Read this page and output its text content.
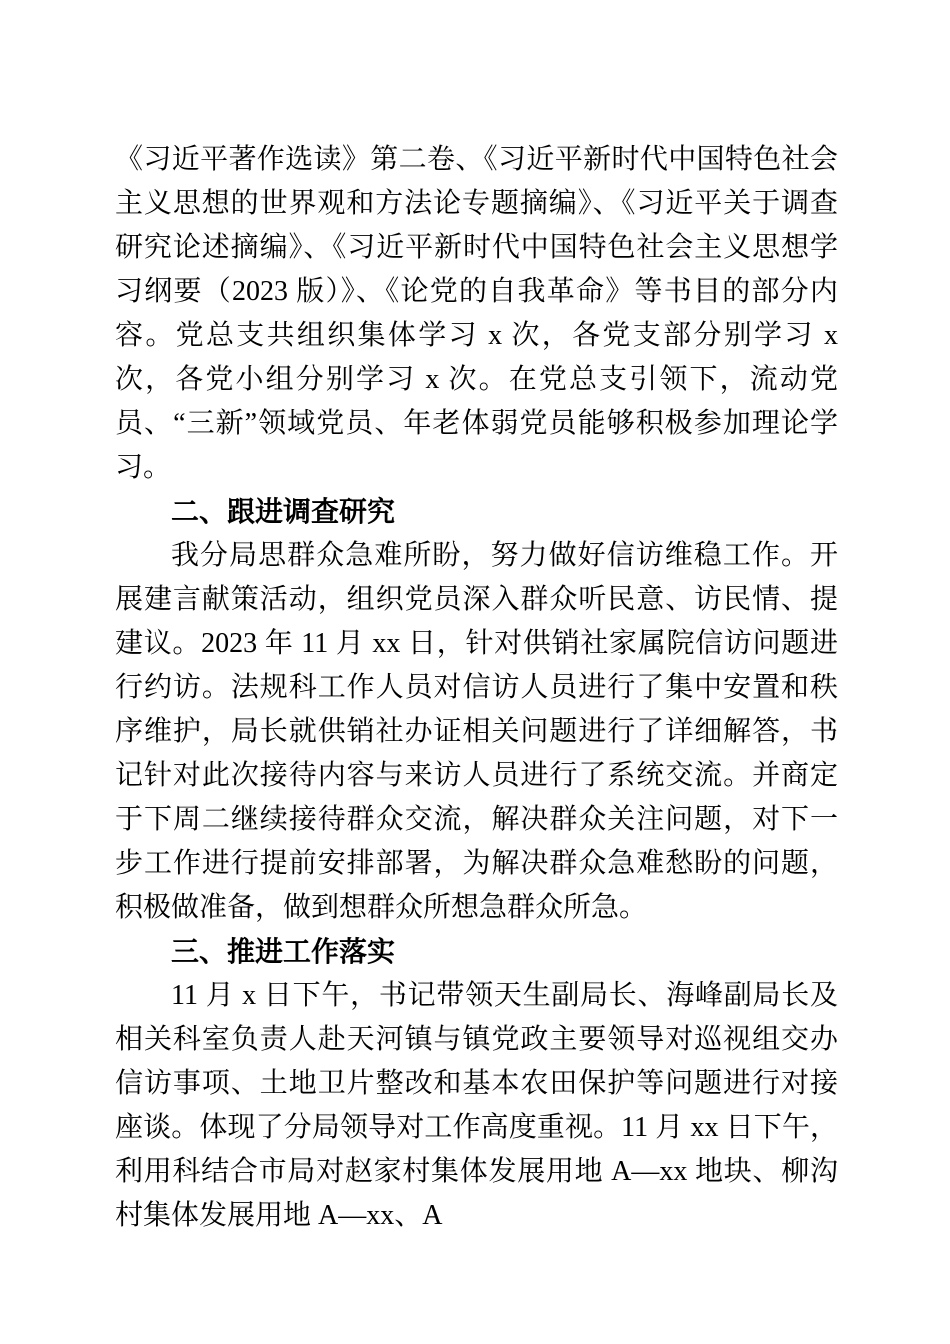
《习近平著作选读》第二卷、《习近平新时代中国特色社会主义思想的世界观和方法论专题摘编》、《习近平关于调查研究论述摘编》、《习近平新时代中国特色社会主义思想学习纲要（2023 版）》、《论党的自我革命》等书目的部分内容。党总支共组织集体学习 x 次，各党支部分别学习 x 次，各党小组分别学习 x 次。在党总支引领下，流动党员、“三新”领域党员、年老体弱党员能够积极参加理论学习。

二、跟进调查研究

我分局思群众急难所盼，努力做好信访维稳工作。开展建言献策活动，组织党员深入群众听民意、访民情、提建议。2023 年 11 月 xx 日，针对供销社家属院信访问题进行约访。法规科工作人员对信访人员进行了集中安置和秩序维护，局长就供销社办证相关问题进行了详细解答，书记针对此次接待内容与来访人员进行了系统交流。并商定于下周二继续接待群众交流，解决群众关注问题，对下一步工作进行提前安排部署，为解决群众急难愁盼的问题，积极做准备，做到想群众所想急群众所急。

三、推进工作落实

11 月 x 日下午，书记带领天生副局长、海峰副局长及相关科室负责人赴天河镇与镇党政主要领导对巡视组交办信访事项、土地卫片整改和基本农田保护等问题进行对接座谈。体现了分局领导对工作高度重视。11 月 xx 日下午，利用科结合市局对赵家村集体发展用地 A—xx 地块、柳沟村集体发展用地 A—xx、A
